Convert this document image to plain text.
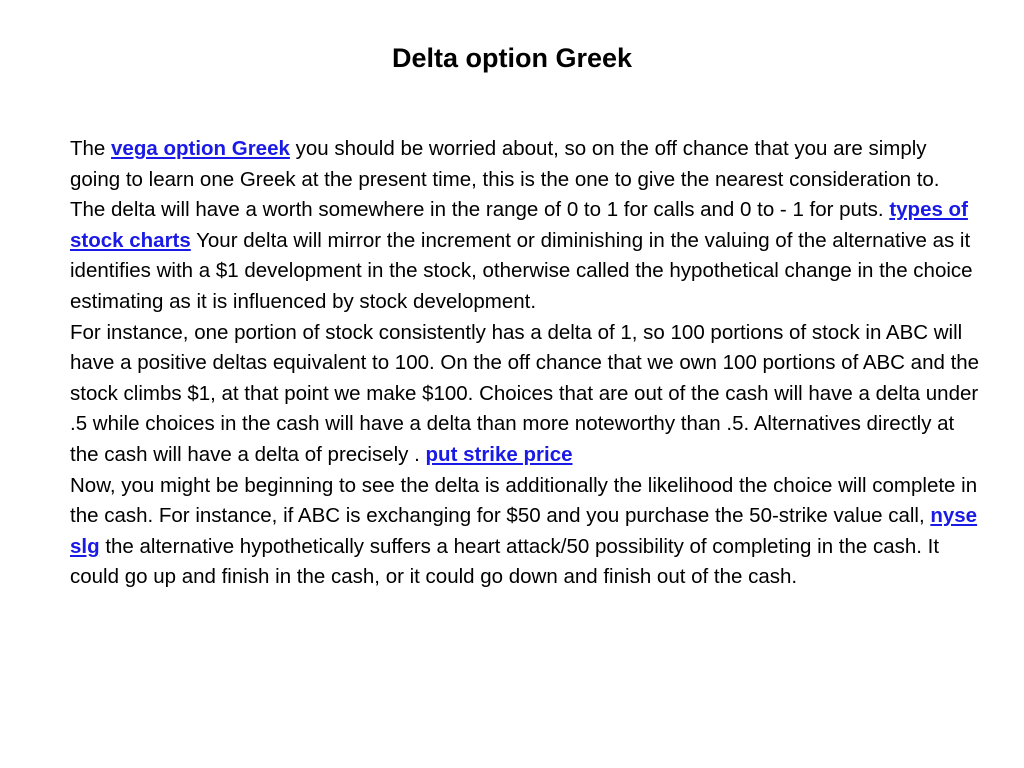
Delta option Greek

The vega option Greek you should be worried about, so on the off chance that you are simply going to learn one Greek at the present time, this is the one to give the nearest consideration to. The delta will have a worth somewhere in the range of 0 to 1 for calls and 0 to - 1 for puts. types of stock charts Your delta will mirror the increment or diminishing in the valuing of the alternative as it identifies with a $1 development in the stock, otherwise called the hypothetical change in the choice estimating as it is influenced by stock development.

For instance, one portion of stock consistently has a delta of 1, so 100 portions of stock in ABC will have a positive deltas equivalent to 100. On the off chance that we own 100 portions of ABC and the stock climbs $1, at that point we make $100. Choices that are out of the cash will have a delta under .5 while choices in the cash will have a delta than more noteworthy than .5. Alternatives directly at the cash will have a delta of precisely . put strike price

Now, you might be beginning to see the delta is additionally the likelihood the choice will complete in the cash. For instance, if ABC is exchanging for $50 and you purchase the 50-strike value call, nyse slg the alternative hypothetically suffers a heart attack/50 possibility of completing in the cash. It could go up and finish in the cash, or it could go down and finish out of the cash.
